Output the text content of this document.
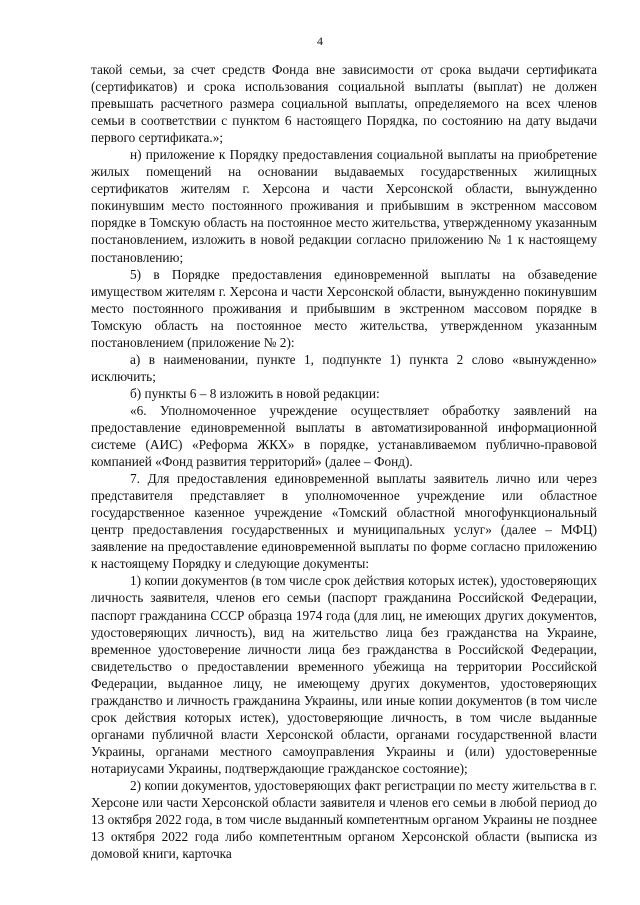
4

такой семьи, за счет средств Фонда вне зависимости от срока выдачи сертификата (сертификатов) и срока использования социальной выплаты (выплат) не должен превышать расчетного размера социальной выплаты, определяемого на всех членов семьи в соответствии с пунктом 6 настоящего Порядка, по состоянию на дату выдачи первого сертификата.»;

н) приложение к Порядку предоставления социальной выплаты на приобретение жилых помещений на основании выдаваемых государственных жилищных сертификатов жителям г. Херсона и части Херсонской области, вынужденно покинувшим место постоянного проживания и прибывшим в экстренном массовом порядке в Томскую область на постоянное место жительства, утвержденному указанным постановлением, изложить в новой редакции согласно приложению № 1 к настоящему постановлению;

5) в Порядке предоставления единовременной выплаты на обзаведение имуществом жителям г. Херсона и части Херсонской области, вынужденно покинувшим место постоянного проживания и прибывшим в экстренном массовом порядке в Томскую область на постоянное место жительства, утвержденном указанным постановлением (приложение № 2):

а) в наименовании, пункте 1, подпункте 1) пункта 2 слово «вынужденно» исключить;

б) пункты 6 – 8 изложить в новой редакции:

«6. Уполномоченное учреждение осуществляет обработку заявлений на предоставление единовременной выплаты в автоматизированной информационной системе (АИС) «Реформа ЖКХ» в порядке, устанавливаемом публично-правовой компанией «Фонд развития территорий» (далее – Фонд).

7. Для предоставления единовременной выплаты заявитель лично или через представителя представляет в уполномоченное учреждение или областное государственное казенное учреждение «Томский областной многофункциональный центр предоставления государственных и муниципальных услуг» (далее – МФЦ) заявление на предоставление единовременной выплаты по форме согласно приложению к настоящему Порядку и следующие документы:

1) копии документов (в том числе срок действия которых истек), удостоверяющих личность заявителя, членов его семьи (паспорт гражданина Российской Федерации, паспорт гражданина СССР образца 1974 года (для лиц, не имеющих других документов, удостоверяющих личность), вид на жительство лица без гражданства на Украине, временное удостоверение личности лица без гражданства в Российской Федерации, свидетельство о предоставлении временного убежища на территории Российской Федерации, выданное лицу, не имеющему других документов, удостоверяющих гражданство и личность гражданина Украины, или иные копии документов (в том числе срок действия которых истек), удостоверяющие личность, в том числе выданные органами публичной власти Херсонской области, органами государственной власти Украины, органами местного самоуправления Украины и (или) удостоверенные нотариусами Украины, подтверждающие гражданское состояние);

2) копии документов, удостоверяющих факт регистрации по месту жительства в г. Херсоне или части Херсонской области заявителя и членов его семьи в любой период до 13 октября 2022 года, в том числе выданный компетентным органом Украины не позднее 13 октября 2022 года либо компетентным органом Херсонской области (выписка из домовой книги, карточка
